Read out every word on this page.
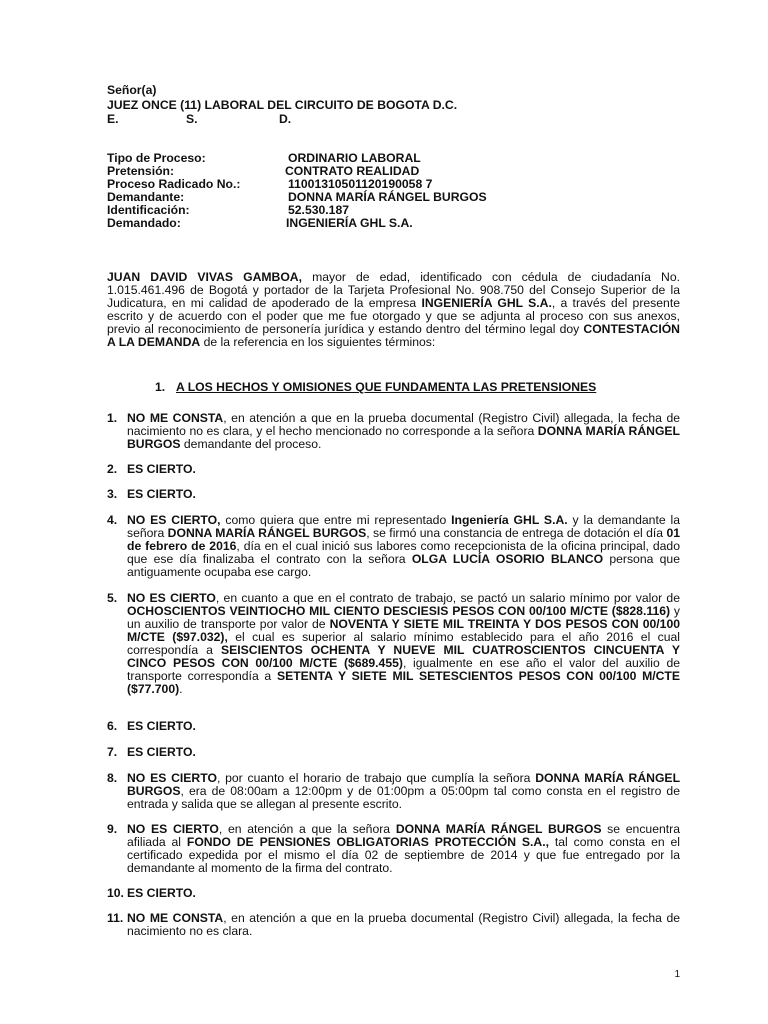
Señor(a)
JUEZ ONCE (11) LABORAL DEL CIRCUITO DE BOGOTA D.C.
E.	S.	D.
Tipo de Proceso:	ORDINARIO LABORAL
Pretensión:	CONTRATO REALIDAD
Proceso Radicado No.:	11001310501120190058 7
Demandante:	DONNA MARÍA RÁNGEL BURGOS
Identificación:	52.530.187
Demandado:	INGENIERÍA GHL S.A.
JUAN DAVID VIVAS GAMBOA, mayor de edad, identificado con cédula de ciudadanía No. 1.015.461.496 de Bogotá y portador de la Tarjeta Profesional No. 908.750 del Consejo Superior de la Judicatura, en mi calidad de apoderado de la empresa INGENIERÍA GHL S.A., a través del presente escrito y de acuerdo con el poder que me fue otorgado y que se adjunta al proceso con sus anexos, previo al reconocimiento de personería jurídica y estando dentro del término legal doy CONTESTACIÓN A LA DEMANDA de la referencia en los siguientes términos:
1. A LOS HECHOS Y OMISIONES QUE FUNDAMENTA LAS PRETENSIONES
1. NO ME CONSTA, en atención a que en la prueba documental (Registro Civil) allegada, la fecha de nacimiento no es clara, y el hecho mencionado no corresponde a la señora DONNA MARÍA RÁNGEL BURGOS demandante del proceso.
2. ES CIERTO.
3. ES CIERTO.
4. NO ES CIERTO, como quiera que entre mi representado Ingeniería GHL S.A. y la demandante la señora DONNA MARÍA RÁNGEL BURGOS, se firmó una constancia de entrega de dotación el día 01 de febrero de 2016, día en el cual inició sus labores como recepcionista de la oficina principal, dado que ese día finalizaba el contrato con la señora OLGA LUCÍA OSORIO BLANCO persona que antiguamente ocupaba ese cargo.
5. NO ES CIERTO, en cuanto a que en el contrato de trabajo, se pactó un salario mínimo por valor de OCHOSCIENTOS VEINTIOCHO MIL CIENTO DESCIESIS PESOS CON 00/100 M/CTE ($828.116) y un auxilio de transporte por valor de NOVENTA Y SIETE MIL TREINTA Y DOS PESOS CON 00/100 M/CTE ($97.032), el cual es superior al salario mínimo establecido para el año 2016 el cual correspondía a SEISCIENTOS OCHENTA Y NUEVE MIL CUATROSCIENTOS CINCUENTA Y CINCO PESOS CON 00/100 M/CTE ($689.455), igualmente en ese año el valor del auxilio de transporte correspondía a SETENTA Y SIETE MIL SETESCIENTOS PESOS CON 00/100 M/CTE ($77.700).
6. ES CIERTO.
7. ES CIERTO.
8. NO ES CIERTO, por cuanto el horario de trabajo que cumplía la señora DONNA MARÍA RÁNGEL BURGOS, era de 08:00am a 12:00pm y de 01:00pm a 05:00pm tal como consta en el registro de entrada y salida que se allegan al presente escrito.
9. NO ES CIERTO, en atención a que la señora DONNA MARÍA RÁNGEL BURGOS se encuentra afiliada al FONDO DE PENSIONES OBLIGATORIAS PROTECCIÓN S.A., tal como consta en el certificado expedida por el mismo el día 02 de septiembre de 2014 y que fue entregado por la demandante al momento de la firma del contrato.
10. ES CIERTO.
11. NO ME CONSTA, en atención a que en la prueba documental (Registro Civil) allegada, la fecha de nacimiento no es clara.
1
